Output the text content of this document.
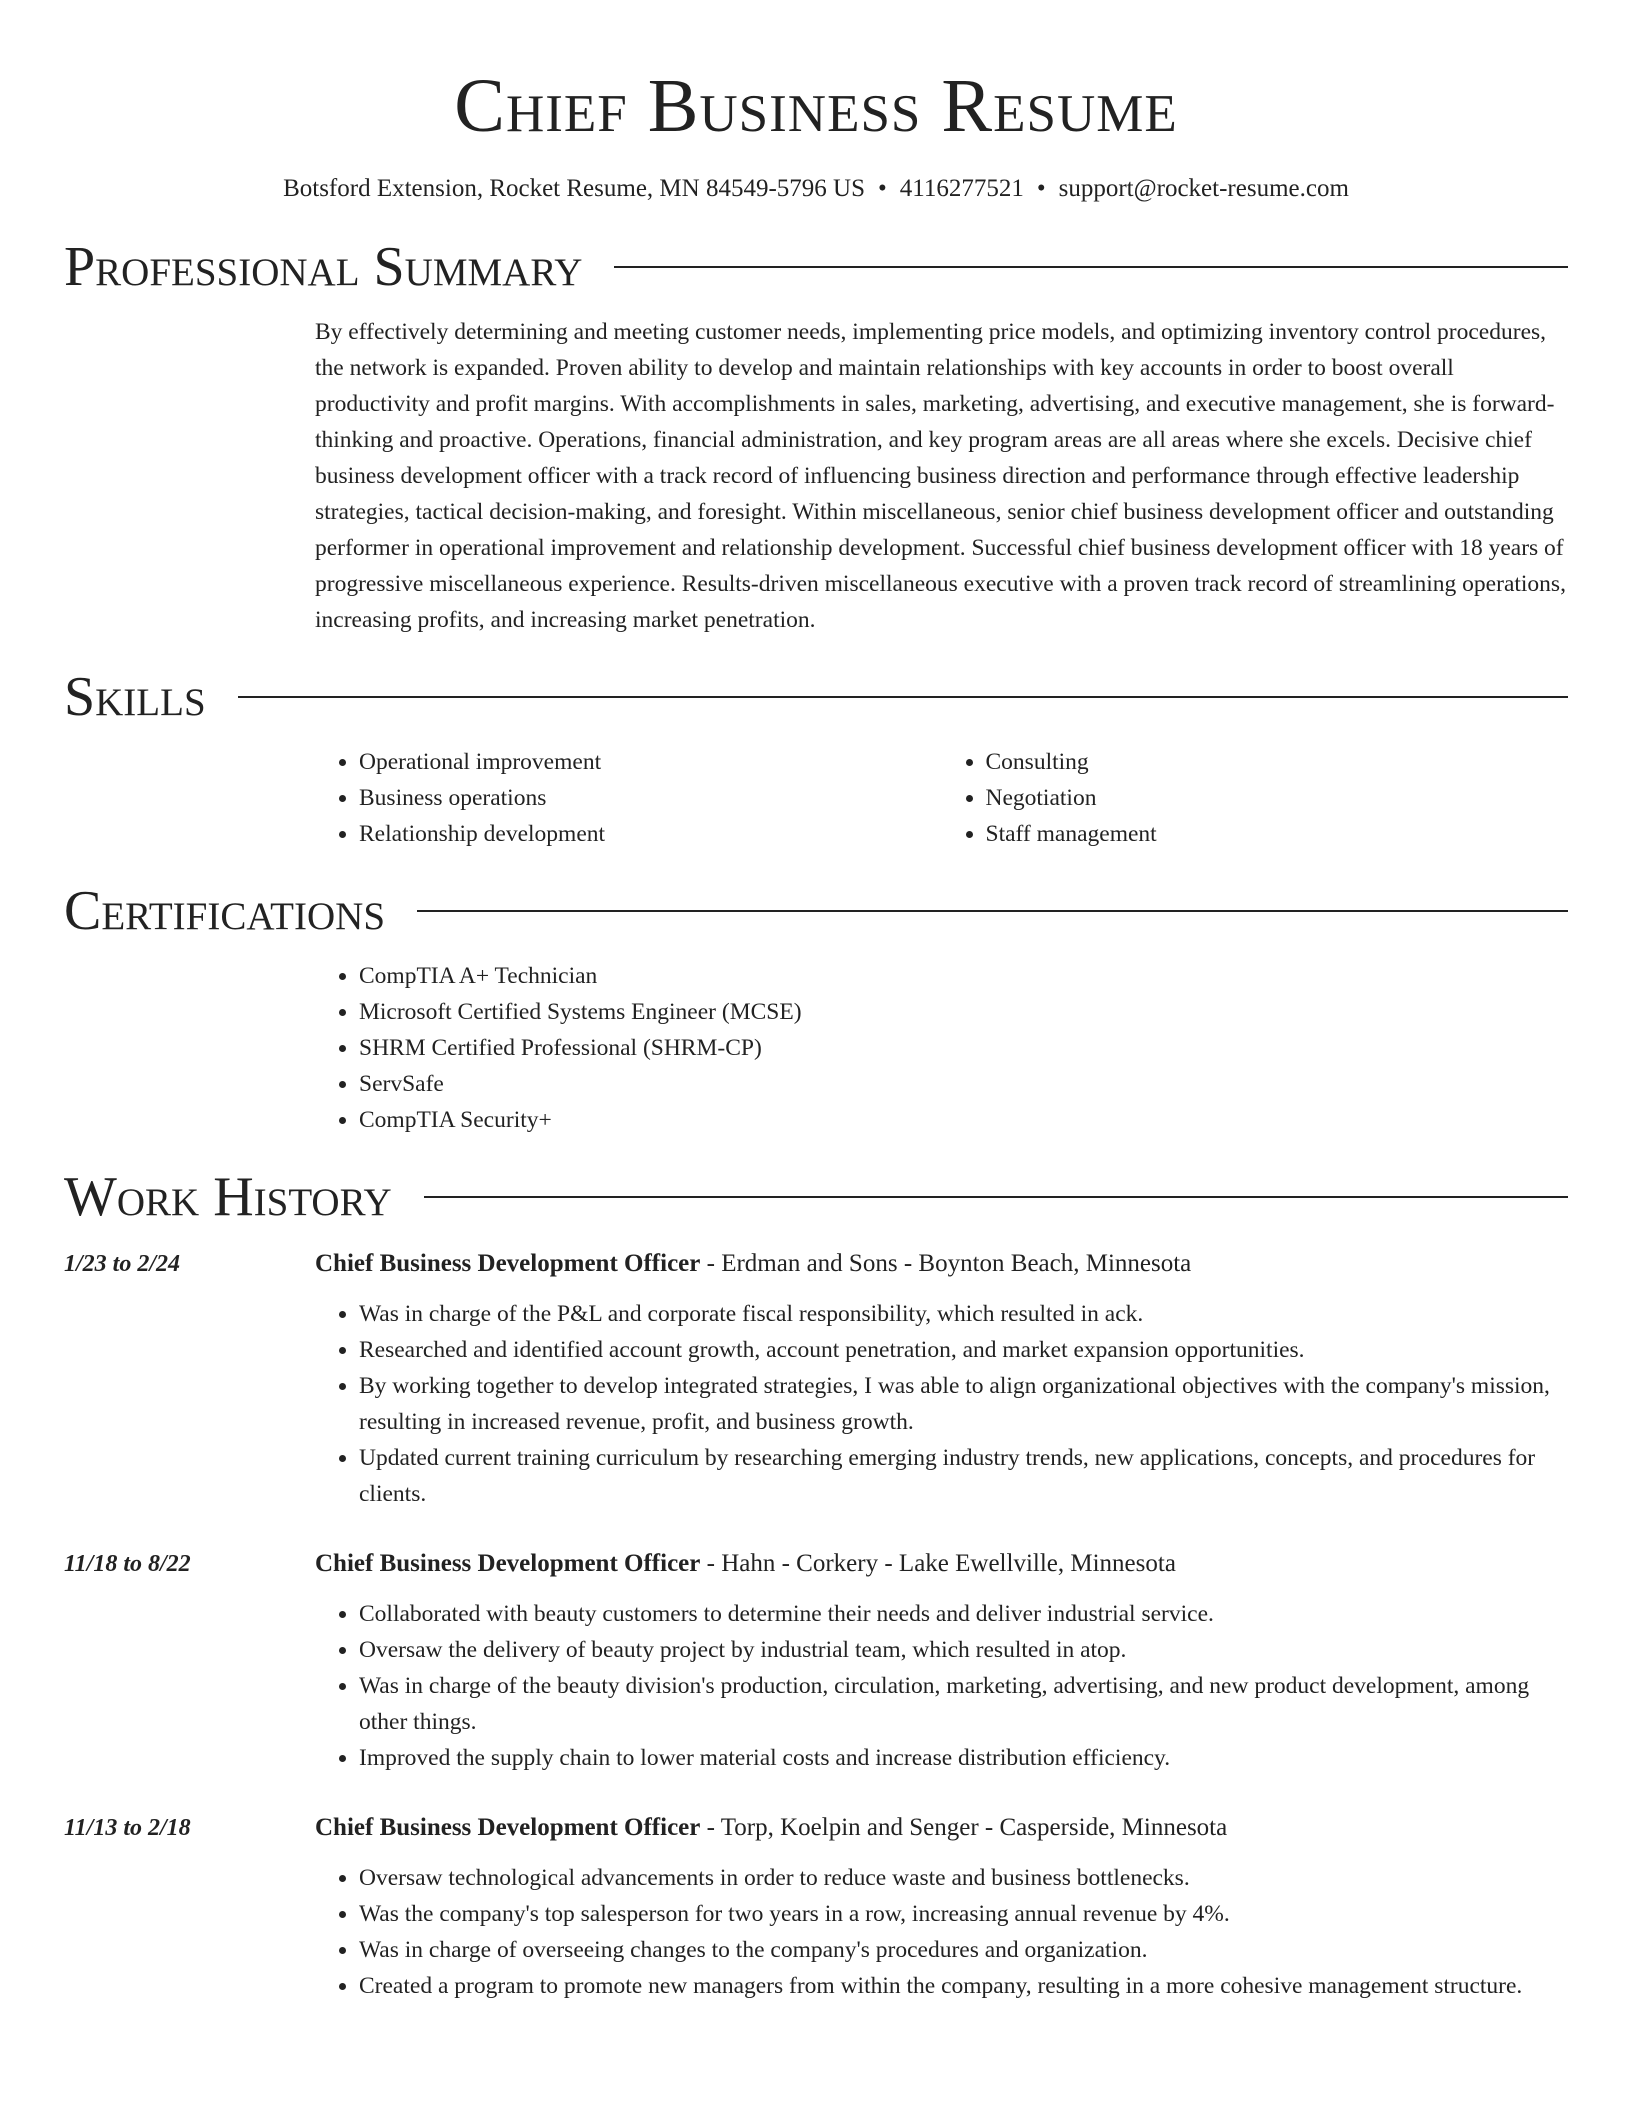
Chief Business Resume
Botsford Extension, Rocket Resume, MN 84549-5796 US • 4116277521 • support@rocket-resume.com
Professional Summary

By effectively determining and meeting customer needs, implementing price models, and optimizing inventory control procedures, the network is expanded. Proven ability to develop and maintain relationships with key accounts in order to boost overall productivity and profit margins. With accomplishments in sales, marketing, advertising, and executive management, she is forward-thinking and proactive. Operations, financial administration, and key program areas are all areas where she excels. Decisive chief business development officer with a track record of influencing business direction and performance through effective leadership strategies, tactical decision-making, and foresight. Within miscellaneous, senior chief business development officer and outstanding performer in operational improvement and relationship development. Successful chief business development officer with 18 years of progressive miscellaneous experience. Results-driven miscellaneous executive with a proven track record of streamlining operations, increasing profits, and increasing market penetration.

Skills
• Operational improvement
• Business operations
• Relationship development
• Consulting
• Negotiation
• Staff management
Certifications
• CompTIA A+ Technician
• Microsoft Certified Systems Engineer (MCSE)
• SHRM Certified Professional (SHRM-CP)
• ServSafe
• CompTIA Security+
Work History
1/23 to 2/24	Chief Business Development Officer - Erdman and Sons - Boynton Beach, Minnesota
• Was in charge of the P&L and corporate fiscal responsibility, which resulted in ack.
• Researched and identified account growth, account penetration, and market expansion opportunities.
• By working together to develop integrated strategies, I was able to align organizational objectives with the company's mission, resulting in increased revenue, profit, and business growth.
• Updated current training curriculum by researching emerging industry trends, new applications, concepts, and procedures for clients.
11/18 to 8/22	Chief Business Development Officer - Hahn - Corkery - Lake Ewellville, Minnesota
• Collaborated with beauty customers to determine their needs and deliver industrial service.
• Oversaw the delivery of beauty project by industrial team, which resulted in atop.
• Was in charge of the beauty division's production, circulation, marketing, advertising, and new product development, among other things.
• Improved the supply chain to lower material costs and increase distribution efficiency.
11/13 to 2/18	Chief Business Development Officer - Torp, Koelpin and Senger - Casperside, Minnesota
• Oversaw technological advancements in order to reduce waste and business bottlenecks.
• Was the company's top salesperson for two years in a row, increasing annual revenue by 4%.
• Was in charge of overseeing changes to the company's procedures and organization.
• Created a program to promote new managers from within the company, resulting in a more cohesive management structure.
